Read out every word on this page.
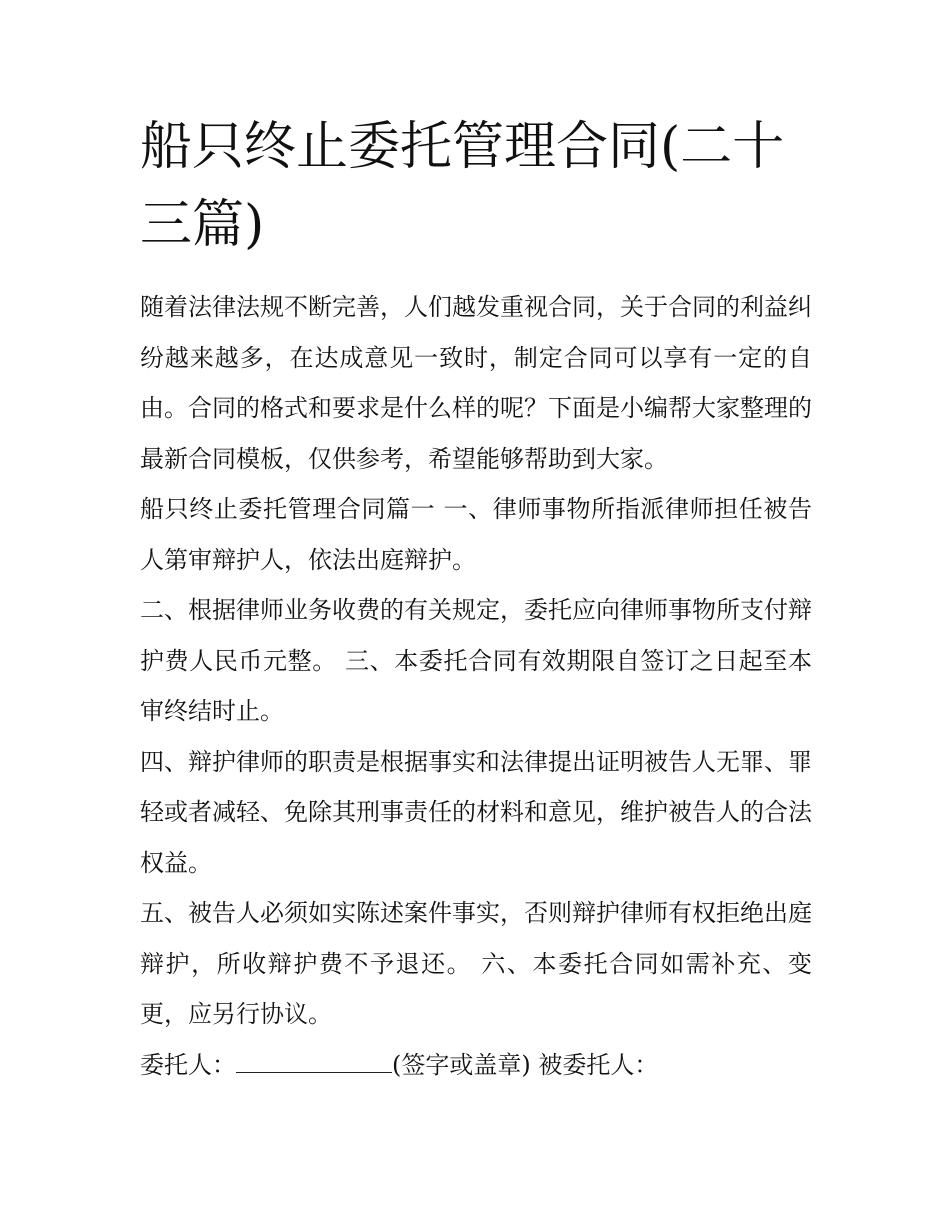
船只终止委托管理合同(二十三篇)

随着法律法规不断完善，人们越发重视合同，关于合同的利益纠纷越来越多，在达成意见一致时，制定合同可以享有一定的自由。合同的格式和要求是什么样的呢？下面是小编帮大家整理的最新合同模板，仅供参考，希望能够帮助到大家。

船只终止委托管理合同篇一 一、律师事物所指派律师担任被告人第审辩护人，依法出庭辩护。

二、根据律师业务收费的有关规定，委托应向律师事物所支付辩护费人民币元整。 三、本委托合同有效期限自签订之日起至本审终结时止。

四、辩护律师的职责是根据事实和法律提出证明被告人无罪、罪轻或者减轻、免除其刑事责任的材料和意见，维护被告人的合法权益。

五、被告人必须如实陈述案件事实，否则辩护律师有权拒绝出庭辩护，所收辩护费不予退还。 六、本委托合同如需补充、变更，应另行协议。

委托人：	(签字或盖章) 被委托人：
